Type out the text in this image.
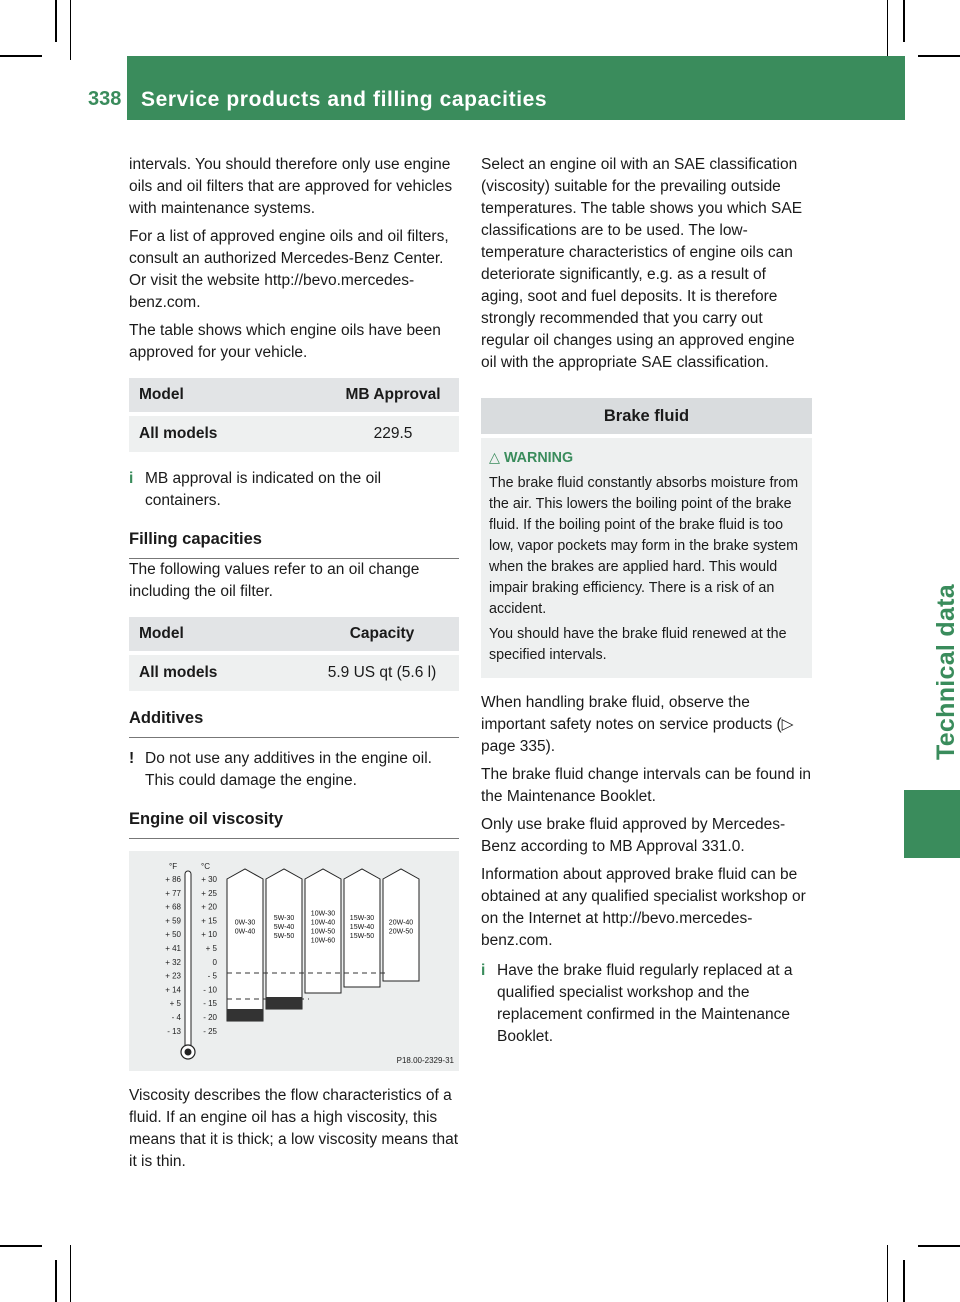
338 Service products and filling capacities
Technical data

intervals. You should therefore only use engine oils and oil filters that are approved for vehicles with maintenance systems.

For a list of approved engine oils and oil filters, consult an authorized Mercedes-Benz Center. Or visit the website http://bevo.mercedes-benz.com.

The table shows which engine oils have been approved for your vehicle.

Model	MB Approval

All models	229.5
i MB approval is indicated on the oil containers.
Filling capacities

The following values refer to an oil change including the oil filter.

Model	Capacity

All models	5.9 US qt (5.6 l)
Additives
! Do not use any additives in the engine oil. This could damage the engine.
Engine oil viscosity
°F	°C
+ 86
+ 77
+ 68
+ 59
+ 50
+ 41
+ 32
+ 23
+ 14
+ 5
- 4
- 13
+ 30
+ 25
+ 20
+ 15
+ 10
+ 5
0
- 5
- 10
- 15
- 20
- 25
0W-30
0W-40
5W-30
5W-40
5W-50
10W-30
10W-40
10W-50
10W-60
15W-30
15W-40
15W-50
20W-40
20W-50
P18.00-2329-31

Viscosity describes the flow characteristics of a fluid. If an engine oil has a high viscosity, this means that it is thick; a low viscosity means that it is thin.

Select an engine oil with an SAE classification (viscosity) suitable for the prevailing outside temperatures. The table shows you which SAE classifications are to be used. The low-temperature characteristics of engine oils can deteriorate significantly, e.g. as a result of aging, soot and fuel deposits. It is therefore strongly recommended that you carry out regular oil changes using an approved engine oil with the appropriate SAE classification.

Brake fluid
△ WARNING

The brake fluid constantly absorbs moisture from the air. This lowers the boiling point of the brake fluid. If the boiling point of the brake fluid is too low, vapor pockets may form in the brake system when the brakes are applied hard. This would impair braking efficiency. There is a risk of an accident.

You should have the brake fluid renewed at the specified intervals.

When handling brake fluid, observe the important safety notes on service products (▷ page 335).

The brake fluid change intervals can be found in the Maintenance Booklet.

Only use brake fluid approved by Mercedes-Benz according to MB Approval 331.0.

Information about approved brake fluid can be obtained at any qualified specialist workshop or on the Internet at http://bevo.mercedes-benz.com.

i Have the brake fluid regularly replaced at a qualified specialist workshop and the replacement confirmed in the Maintenance Booklet.
